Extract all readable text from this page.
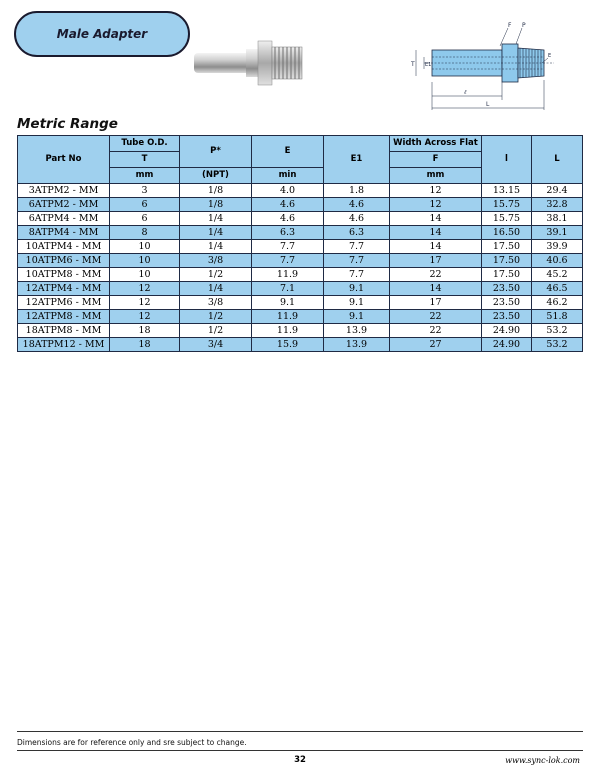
Male Adapter
T E1
F P
E
ℓ
L
Metric Range
Part No	Tube O.D.	P*	E	E1	Width Across Flat	l	L
	T				F		
	mm	(NPT)	min		mm		
3ATPM2 - MM	3	1/8	4.0	1.8	12	13.15	29.4
6ATPM2 - MM	6	1/8	4.6	4.6	12	15.75	32.8
6ATPM4 - MM	6	1/4	4.6	4.6	14	15.75	38.1
8ATPM4 - MM	8	1/4	6.3	6.3	14	16.50	39.1
10ATPM4 - MM	10	1/4	7.7	7.7	14	17.50	39.9
10ATPM6 - MM	10	3/8	7.7	7.7	17	17.50	40.6
10ATPM8 - MM	10	1/2	11.9	7.7	22	17.50	45.2
12ATPM4 - MM	12	1/4	7.1	9.1	14	23.50	46.5
12ATPM6 - MM	12	3/8	9.1	9.1	17	23.50	46.2
12ATPM8 - MM	12	1/2	11.9	9.1	22	23.50	51.8
18ATPM8 - MM	18	1/2	11.9	13.9	22	24.90	53.2
18ATPM12 - MM	18	3/4	15.9	13.9	27	24.90	53.2
Dimensions are for reference only and sre subject to change.
32	www.sync-lok.com
